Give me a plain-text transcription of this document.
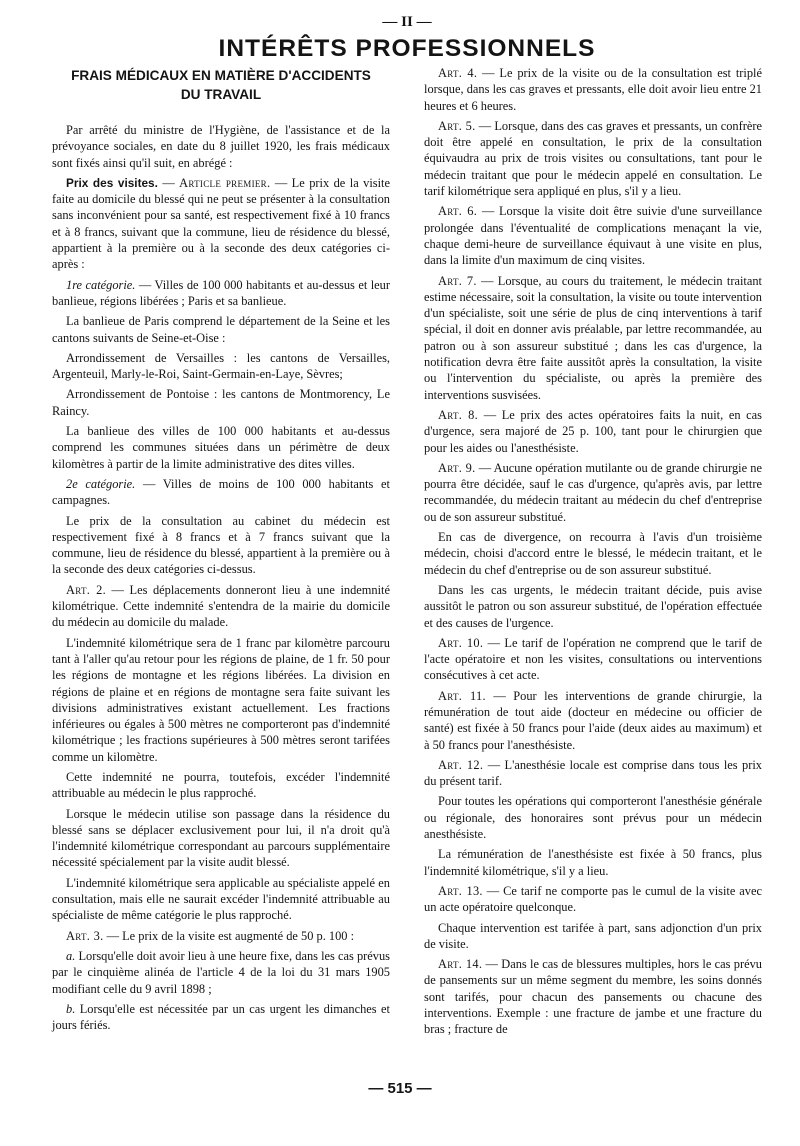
— II —
INTÉRÊTS PROFESSIONNELS
FRAIS MÉDICAUX EN MATIÈRE D'ACCIDENTS
DU TRAVAIL

Par arrêté du ministre de l'Hygiène, de l'assistance et de la prévoyance sociales, en date du 8 juillet 1920, les frais médicaux sont fixés ainsi qu'il suit, en abrégé :

Prix des visites. — Article premier. — Le prix de la visite faite au domicile du blessé qui ne peut se présenter à la consultation sans inconvénient pour sa santé, est respectivement fixé à 10 francs et à 8 francs, suivant que la commune, lieu de résidence du blessé, appartient à la première ou à la seconde des deux catégories ci-après :

1re catégorie. — Villes de 100 000 habitants et au-dessus et leur banlieue, régions libérées ; Paris et sa banlieue.

La banlieue de Paris comprend le département de la Seine et les cantons suivants de Seine-et-Oise :

Arrondissement de Versailles : les cantons de Versailles, Argenteuil, Marly-le-Roi, Saint-Germain-en-Laye, Sèvres;

Arrondissement de Pontoise : les cantons de Montmorency, Le Raincy.

La banlieue des villes de 100 000 habitants et au-dessus comprend les communes situées dans un périmètre de deux kilomètres à partir de la limite administrative des dites villes.

2e catégorie. — Villes de moins de 100 000 habitants et campagnes.

Le prix de la consultation au cabinet du médecin est respectivement fixé à 8 francs et à 7 francs suivant que la commune, lieu de résidence du blessé, appartient à la première ou à la seconde des deux catégories ci-dessus.

Art. 2. — Les déplacements donneront lieu à une indemnité kilométrique. Cette indemnité s'entendra de la mairie du domicile du médecin au domicile du malade.

L'indemnité kilométrique sera de 1 franc par kilomètre parcouru tant à l'aller qu'au retour pour les régions de plaine, de 1 fr. 50 pour les régions de montagne et les régions libérées. La division en régions de plaine et en régions de montagne sera faite suivant les divisions administratives existant actuellement. Les fractions inférieures ou égales à 500 mètres ne comporteront pas d'indemnité kilométrique ; les fractions supérieures à 500 mètres seront tarifées comme un kilomètre.

Cette indemnité ne pourra, toutefois, excéder l'indemnité attribuable au médecin le plus rapproché.

Lorsque le médecin utilise son passage dans la résidence du blessé sans se déplacer exclusivement pour lui, il n'a droit qu'à l'indemnité kilométrique correspondant au parcours supplémentaire nécessité spécialement par la visite audit blessé.

L'indemnité kilométrique sera applicable au spécialiste appelé en consultation, mais elle ne saurait excéder l'indemnité attribuable au spécialiste de même catégorie le plus rapproché.

Art. 3. — Le prix de la visite est augmenté de 50 p. 100 :

a. Lorsqu'elle doit avoir lieu à une heure fixe, dans les cas prévus par le cinquième alinéa de l'article 4 de la loi du 31 mars 1905 modifiant celle du 9 avril 1898 ;

b. Lorsqu'elle est nécessitée par un cas urgent les dimanches et jours fériés.

Art. 4. — Le prix de la visite ou de la consultation est triplé lorsque, dans les cas graves et pressants, elle doit avoir lieu entre 21 heures et 6 heures.

Art. 5. — Lorsque, dans des cas graves et pressants, un confrère doit être appelé en consultation, le prix de la consultation équivaudra au prix de trois visites ou consultations, tant pour le médecin traitant que pour le médecin appelé en consultation. Le tarif kilométrique sera appliqué en plus, s'il y a lieu.

Art. 6. — Lorsque la visite doit être suivie d'une surveillance prolongée dans l'éventualité de complications menaçant la vie, chaque demi-heure de surveillance équivaut à une visite en plus, dans la limite d'un maximum de cinq visites.

Art. 7. — Lorsque, au cours du traitement, le médecin traitant estime nécessaire, soit la consultation, la visite ou toute intervention d'un spécialiste, soit une série de plus de cinq interventions à tarif spécial, il doit en donner avis préalable, par lettre recommandée, au patron ou à son assureur substitué ; dans les cas d'urgence, la notification devra être faite aussitôt après la consultation, la visite ou l'intervention du spécialiste, ou après la première des interventions susvisées.

Art. 8. — Le prix des actes opératoires faits la nuit, en cas d'urgence, sera majoré de 25 p. 100, tant pour le chirurgien que pour les aides ou l'anesthésiste.

Art. 9. — Aucune opération mutilante ou de grande chirurgie ne pourra être décidée, sauf le cas d'urgence, qu'après avis, par lettre recommandée, du médecin traitant au médecin du chef d'entreprise ou de son assureur substitué.

En cas de divergence, on recourra à l'avis d'un troisième médecin, choisi d'accord entre le blessé, le médecin traitant, et le médecin du chef d'entreprise ou de son assureur substitué.

Dans les cas urgents, le médecin traitant décide, puis avise aussitôt le patron ou son assureur substitué, de l'opération effectuée et des causes de l'urgence.

Art. 10. — Le tarif de l'opération ne comprend que le tarif de l'acte opératoire et non les visites, consultations ou interventions consécutives à cet acte.

Art. 11. — Pour les interventions de grande chirurgie, la rémunération de tout aide (docteur en médecine ou officier de santé) est fixée à 50 francs pour l'aide (deux aides au maximum) et à 50 francs pour l'anesthésiste.

Art. 12. — L'anesthésie locale est comprise dans tous les prix du présent tarif.

Pour toutes les opérations qui comporteront l'anesthésie générale ou régionale, des honoraires sont prévus pour un médecin anesthésiste.

La rémunération de l'anesthésiste est fixée à 50 francs, plus l'indemnité kilométrique, s'il y a lieu.

Art. 13. — Ce tarif ne comporte pas le cumul de la visite avec un acte opératoire quelconque.

Chaque intervention est tarifée à part, sans adjonction d'un prix de visite.

Art. 14. — Dans le cas de blessures multiples, hors le cas prévu de pansements sur un même segment du membre, les soins donnés sont tarifés, pour chacun des pansements ou chacune des interventions. Exemple : une fracture de jambe et une fracture du bras ; fracture de

— 515 —
